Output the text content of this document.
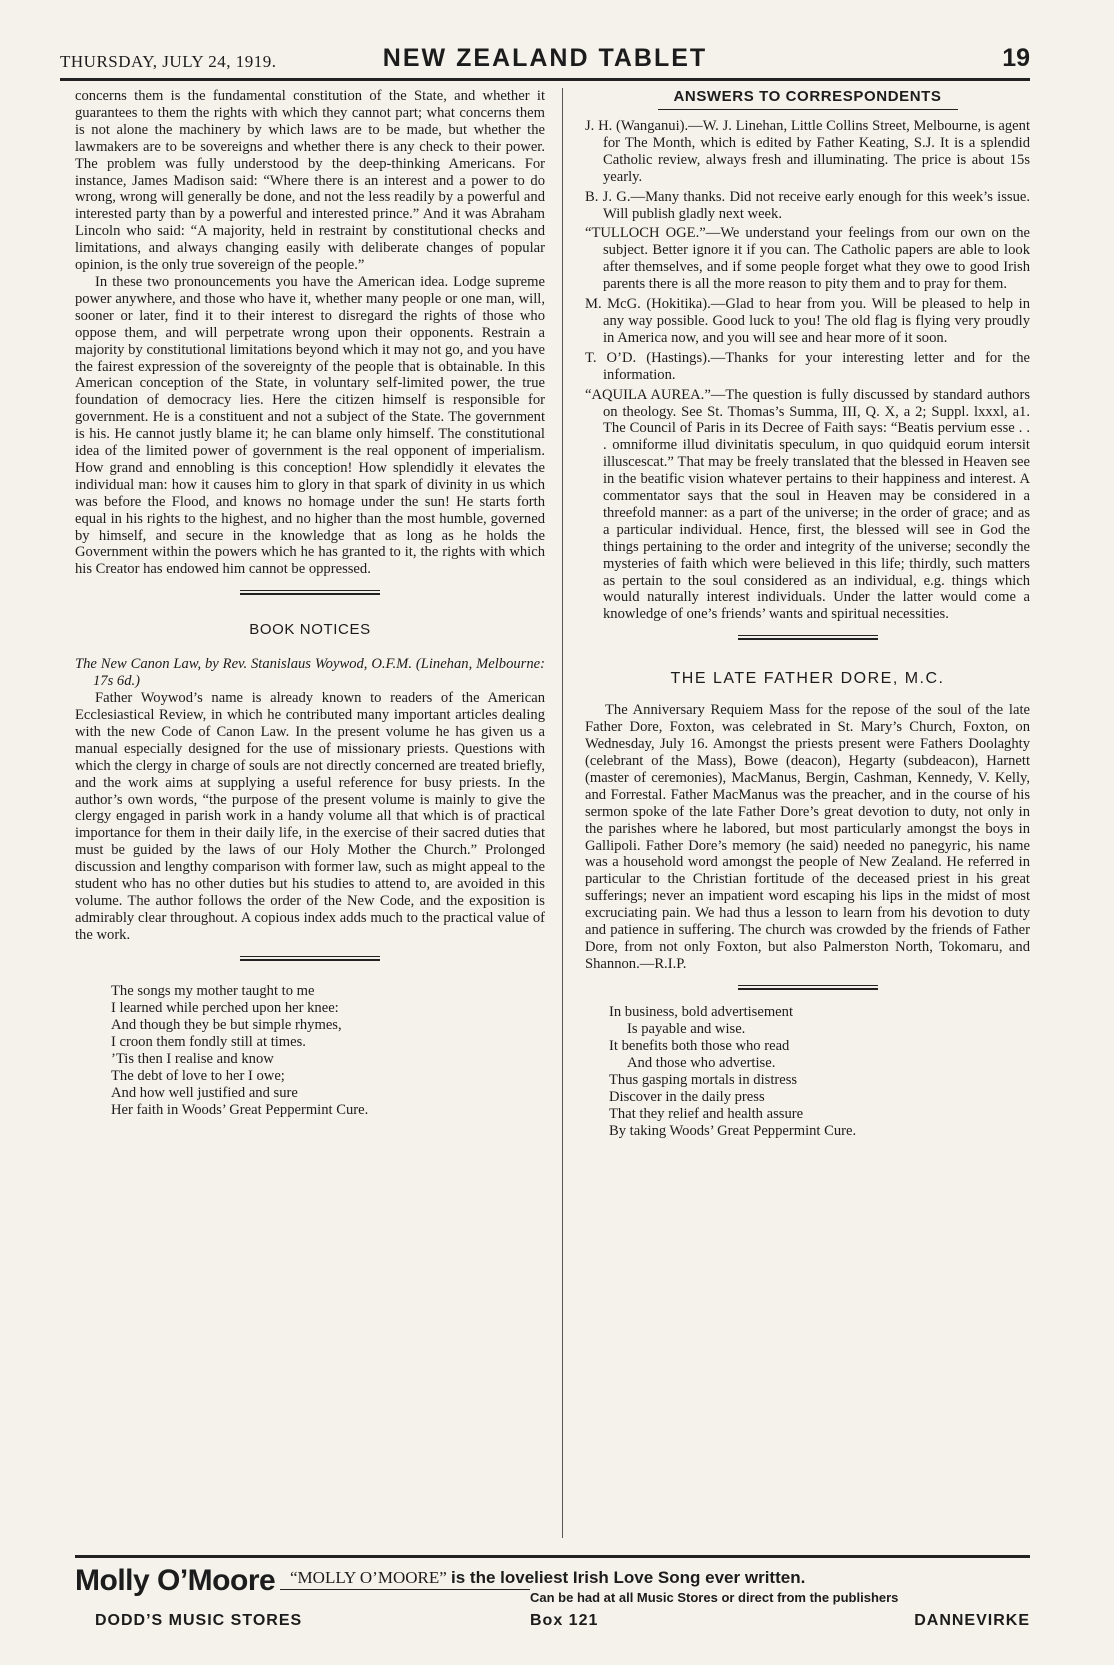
THURSDAY, JULY 24, 1919.	NEW ZEALAND TABLET	19

concerns them is the fundamental constitution of the State, and whether it guarantees to them the rights with which they cannot part; what concerns them is not alone the machinery by which laws are to be made, but whether the lawmakers are to be sovereigns and whether there is any check to their power. The problem was fully understood by the deep-thinking Americans. For instance, James Madison said: “Where there is an interest and a power to do wrong, wrong will generally be done, and not the less readily by a powerful and interested party than by a powerful and interested prince.” And it was Abraham Lincoln who said: “A majority, held in restraint by constitutional checks and limitations, and always changing easily with deliberate changes of popular opinion, is the only true sovereign of the people.”

In these two pronouncements you have the American idea. Lodge supreme power anywhere, and those who have it, whether many people or one man, will, sooner or later, find it to their interest to disregard the rights of those who oppose them, and will perpetrate wrong upon their opponents. Restrain a majority by constitutional limitations beyond which it may not go, and you have the fairest expression of the sovereignty of the people that is obtainable. In this American conception of the State, in voluntary self-limited power, the true foundation of democracy lies. Here the citizen himself is responsible for government. He is a constituent and not a subject of the State. The government is his. He cannot justly blame it; he can blame only himself. The constitutional idea of the limited power of government is the real opponent of imperialism. How grand and ennobling is this conception! How splendidly it elevates the individual man: how it causes him to glory in that spark of divinity in us which was before the Flood, and knows no homage under the sun! He starts forth equal in his rights to the highest, and no higher than the most humble, governed by himself, and secure in the knowledge that as long as he holds the Government within the powers which he has granted to it, the rights with which his Creator has endowed him cannot be oppressed.

BOOK NOTICES

The New Canon Law, by Rev. Stanislaus Woywod, O.F.M. (Linehan, Melbourne: 17s 6d.)

Father Woywod’s name is already known to readers of the American Ecclesiastical Review, in which he contributed many important articles dealing with the new Code of Canon Law. In the present volume he has given us a manual especially designed for the use of missionary priests. Questions with which the clergy in charge of souls are not directly concerned are treated briefly, and the work aims at supplying a useful reference for busy priests. In the author’s own words, “the purpose of the present volume is mainly to give the clergy engaged in parish work in a handy volume all that which is of practical importance for them in their daily life, in the exercise of their sacred duties that must be guided by the laws of our Holy Mother the Church.” Prolonged discussion and lengthy comparison with former law, such as might appeal to the student who has no other duties but his studies to attend to, are avoided in this volume. The author follows the order of the New Code, and the exposition is admirably clear throughout. A copious index adds much to the practical value of the work.

The songs my mother taught to me
I learned while perched upon her knee:
And though they be but simple rhymes,
I croon them fondly still at times.
’Tis then I realise and know
The debt of love to her I owe;
And how well justified and sure
Her faith in Woods’ Great Peppermint Cure.
ANSWERS TO CORRESPONDENTS

J. H. (Wanganui).—W. J. Linehan, Little Collins Street, Melbourne, is agent for The Month, which is edited by Father Keating, S.J. It is a splendid Catholic review, always fresh and illuminating. The price is about 15s yearly.

B. J. G.—Many thanks. Did not receive early enough for this week’s issue. Will publish gladly next week.

“TULLOCH OGE.”—We understand your feelings from our own on the subject. Better ignore it if you can. The Catholic papers are able to look after themselves, and if some people forget what they owe to good Irish parents there is all the more reason to pity them and to pray for them.

M. McG. (Hokitika).—Glad to hear from you. Will be pleased to help in any way possible. Good luck to you! The old flag is flying very proudly in America now, and you will see and hear more of it soon.

T. O’D. (Hastings).—Thanks for your interesting letter and for the information.

“AQUILA AUREA.”—The question is fully discussed by standard authors on theology. See St. Thomas’s Summa, III, Q. X, a 2; Suppl. lxxxl, a1. The Council of Paris in its Decree of Faith says: “Beatis pervium esse . . . omniforme illud divinitatis speculum, in quo quidquid eorum intersit illuscescat.” That may be freely translated that the blessed in Heaven see in the beatific vision whatever pertains to their happiness and interest. A commentator says that the soul in Heaven may be considered in a threefold manner: as a part of the universe; in the order of grace; and as a particular individual. Hence, first, the blessed will see in God the things pertaining to the order and integrity of the universe; secondly the mysteries of faith which were believed in this life; thirdly, such matters as pertain to the soul considered as an individual, e.g. things which would naturally interest individuals. Under the latter would come a knowledge of one’s friends’ wants and spiritual necessities.

THE LATE FATHER DORE, M.C.

The Anniversary Requiem Mass for the repose of the soul of the late Father Dore, Foxton, was celebrated in St. Mary’s Church, Foxton, on Wednesday, July 16. Amongst the priests present were Fathers Doolaghty (celebrant of the Mass), Bowe (deacon), Hegarty (subdeacon), Harnett (master of ceremonies), MacManus, Bergin, Cashman, Kennedy, V. Kelly, and Forrestal. Father MacManus was the preacher, and in the course of his sermon spoke of the late Father Dore’s great devotion to duty, not only in the parishes where he labored, but most particularly amongst the boys in Gallipoli. Father Dore’s memory (he said) needed no panegyric, his name was a household word amongst the people of New Zealand. He referred in particular to the Christian fortitude of the deceased priest in his great sufferings; never an impatient word escaping his lips in the midst of most excruciating pain. We had thus a lesson to learn from his devotion to duty and patience in suffering. The church was crowded by the friends of Father Dore, from not only Foxton, but also Palmerston North, Tokomaru, and Shannon.—R.I.P.

In business, bold advertisement
Is payable and wise.
It benefits both those who read
And those who advertise.
Thus gasping mortals in distress
Discover in the daily press
That they relief and health assure
By taking Woods’ Great Peppermint Cure.
Molly O’Moore “MOLLY O’MOORE” is the loveliest Irish Love Song ever written.
Can be had at all Music Stores or direct from the publishers
DODD’S MUSIC STORES	Box 121	DANNEVIRKE
